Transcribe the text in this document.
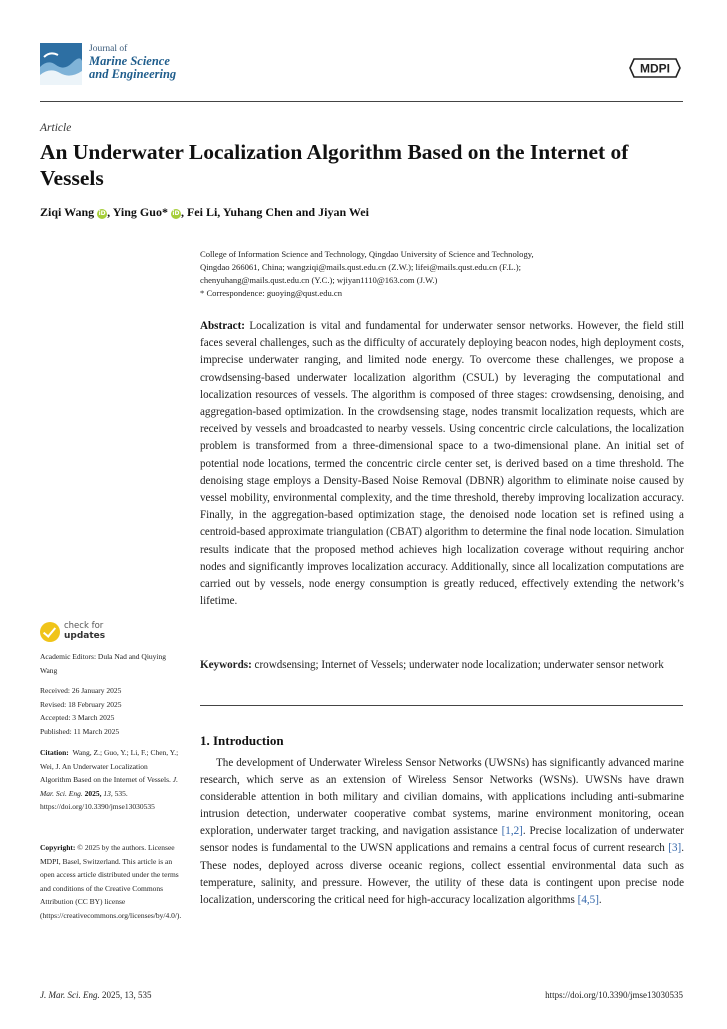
Journal of
Marine Science
and Engineering	MDPI
Article
An Underwater Localization Algorithm Based on the Internet of Vessels
Ziqi Wang iD, Ying Guo* iD, Fei Li, Yuhang Chen and Jiyan Wei

College of Information Science and Technology, Qingdao University of Science and Technology,

Qingdao 266061, China; wangziqi@mails.qust.edu.cn (Z.W.); lifei@mails.qust.edu.cn (F.L.);

chenyuhang@mails.qust.edu.cn (Y.C.); wjiyan1110@163.com (J.W.)

* Correspondence: guoying@qust.edu.cn

Abstract: Localization is vital and fundamental for underwater sensor networks. However, the field still faces several challenges, such as the difficulty of accurately deploying beacon nodes, high deployment costs, imprecise underwater ranging, and limited node energy. To overcome these challenges, we propose a crowdsensing-based underwater localization algorithm (CSUL) by leveraging the computational and localization resources of vessels. The algorithm is composed of three stages: crowdsensing, denoising, and aggregation-based optimization. In the crowdsensing stage, nodes transmit localization requests, which are received by vessels and broadcasted to nearby vessels. Using concentric circle calculations, the localization problem is transformed from a three-dimensional space to a two-dimensional plane. An initial set of potential node locations, termed the concentric circle center set, is derived based on a time threshold. The denoising stage employs a Density-Based Noise Removal (DBNR) algorithm to eliminate noise caused by vessel mobility, environmental complexity, and the time threshold, thereby improving localization accuracy. Finally, in the aggregation-based optimization stage, the denoised node location set is refined using a centroid-based approximate triangulation (CBAT) algorithm to determine the final node location. Simulation results indicate that the proposed method achieves high localization coverage without requiring anchor nodes and significantly improves localization accuracy. Additionally, since all localization computations are carried out by vessels, node energy consumption is greatly reduced, effectively extending the network’s lifetime.
Keywords: crowdsensing; Internet of Vessels; underwater node localization; underwater sensor network
1. Introduction
The development of Underwater Wireless Sensor Networks (UWSNs) has significantly advanced marine research, which serve as an extension of Wireless Sensor Networks (WSNs). UWSNs have drawn considerable attention in both military and civilian domains, with applications including anti-submarine intrusion detection, underwater cooperative combat systems, marine environment monitoring, ocean exploration, underwater target tracking, and navigation assistance [1,2]. Precise localization of underwater sensor nodes is fundamental to the UWSN applications and remains a central focus of current research [3]. These nodes, deployed across diverse oceanic regions, collect essential environmental data such as temperature, salinity, and pressure. However, the utility of these data is contingent upon precise node localization, underscoring the critical need for high-accuracy localization algorithms [4,5].
check for
updates

Academic Editors: Dula Nad and Qiuying Wang

Received: 26 January 2025

Revised: 18 February 2025

Accepted: 3 March 2025

Published: 11 March 2025

Citation: Wang, Z.; Guo, Y.; Li, F.; Chen, Y.; Wei, J. An Underwater Localization Algorithm Based on the Internet of Vessels. J. Mar. Sci. Eng. 2025, 13, 535. https://doi.org/10.3390/jmse13030535

Copyright: © 2025 by the authors. Licensee MDPI, Basel, Switzerland. This article is an open access article distributed under the terms and conditions of the Creative Commons Attribution (CC BY) license (https://creativecommons.org/licenses/by/4.0/).

J. Mar. Sci. Eng. 2025, 13, 535	https://doi.org/10.3390/jmse13030535
